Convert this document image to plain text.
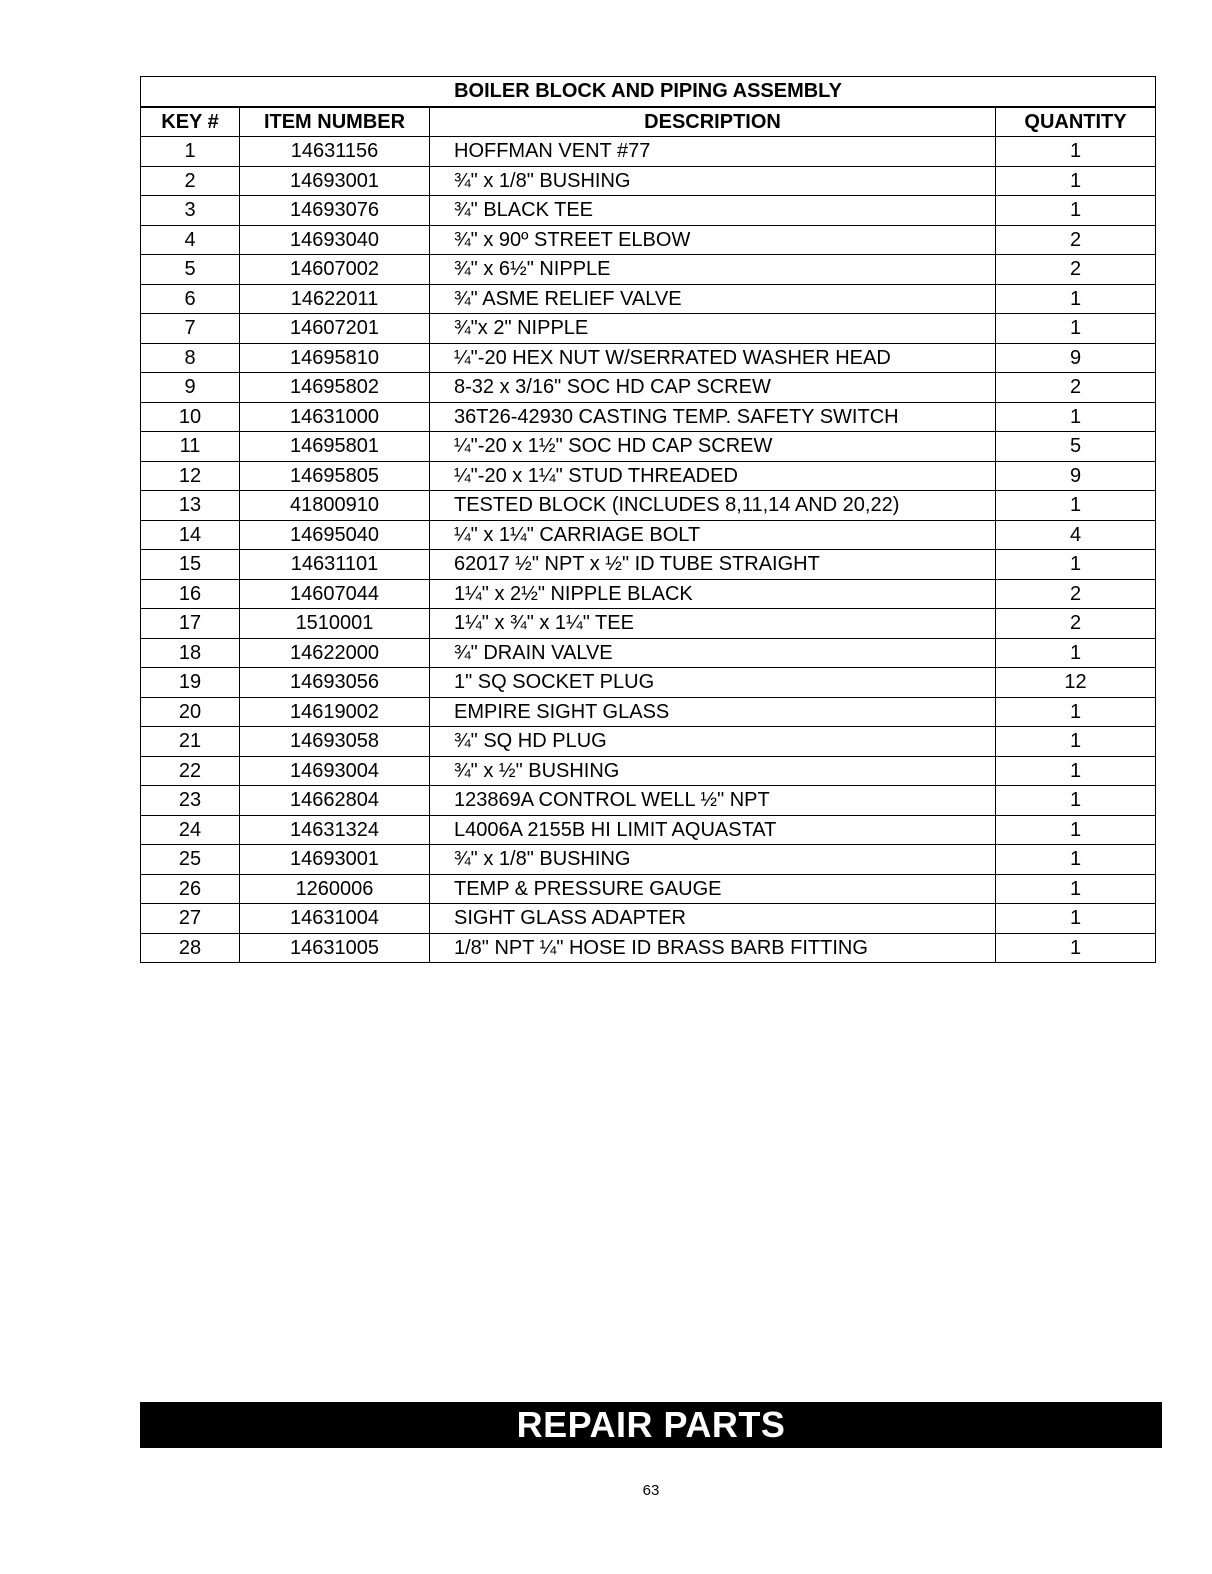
BOILER BLOCK AND PIPING ASSEMBLY			
KEY #	ITEM NUMBER	DESCRIPTION	QUANTITY
1	14631156	HOFFMAN VENT #77	1
2	14693001	¾" x 1/8" BUSHING	1
3	14693076	¾" BLACK TEE	1
4	14693040	¾" x 90º STREET ELBOW	2
5	14607002	¾" x 6½" NIPPLE	2
6	14622011	¾" ASME RELIEF VALVE	1
7	14607201	¾"x 2" NIPPLE	1
8	14695810	¼"-20 HEX NUT W/SERRATED WASHER HEAD	9
9	14695802	8-32 x 3/16" SOC HD CAP SCREW	2
10	14631000	36T26-42930 CASTING TEMP. SAFETY SWITCH	1
11	14695801	¼"-20 x 1½" SOC HD CAP SCREW	5
12	14695805	¼"-20 x 1¼" STUD THREADED	9
13	41800910	TESTED BLOCK (INCLUDES 8,11,14 AND 20,22)	1
14	14695040	¼" x 1¼" CARRIAGE BOLT	4
15	14631101	62017 ½" NPT x ½" ID TUBE STRAIGHT	1
16	14607044	1¼" x 2½" NIPPLE BLACK	2
17	1510001	1¼" x ¾" x 1¼" TEE	2
18	14622000	¾" DRAIN VALVE	1
19	14693056	1" SQ SOCKET PLUG	12
20	14619002	EMPIRE SIGHT GLASS	1
21	14693058	¾" SQ HD PLUG	1
22	14693004	¾" x ½" BUSHING	1
23	14662804	123869A CONTROL WELL ½" NPT	1
24	14631324	L4006A 2155B HI LIMIT AQUASTAT	1
25	14693001	¾" x 1/8" BUSHING	1
26	1260006	TEMP & PRESSURE GAUGE	1
27	14631004	SIGHT GLASS ADAPTER	1
28	14631005	1/8" NPT ¼" HOSE ID BRASS BARB FITTING	1
REPAIR PARTS
63
